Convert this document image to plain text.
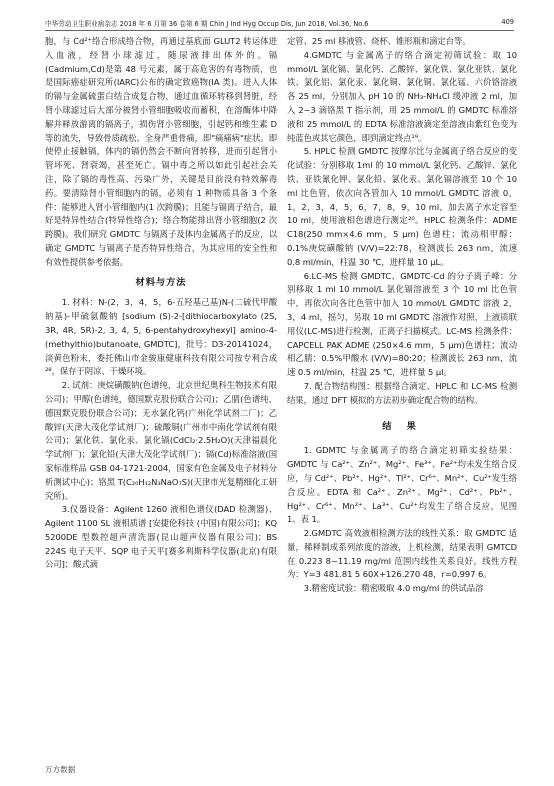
中华劳动卫生职业病杂志 2018 年 6 月第 36 卷第 6 期 Chin J Ind Hyg Occup Dis, Jun 2018, Vol.36, No.6	409

胞，与 Cd²⁺络合形成络合物，再通过基底面 GLUT2 转运体进入血液，经肾小球滤过，随尿液排出体外的。镉(Cadmium,Cd)是第 48 号元素，属于高危害的有毒物质，也是国际癌症研究所(IARC)公布的确定致癌物(IA 类)。进入人体的镉与金属硫蛋白结合成复合物，通过血循环转移到肾脏，经肾小球滤过后大部分被肾小管细胞吸收而蓄积，在溶酶体中降解并释放游离的镉离子，损伤肾小管细胞，引起钙和维生素 D 等的流失，导致骨质疏松、全身严重骨痛，即"痛痛病"症状。即使停止接触镉，体内的镉仍然会不断向肾转移，进而引起肾小管坏死、肾衰竭，甚至死亡。镉中毒之所以如此引起社会关注，除了镉的毒性高、污染广外，关键是目前没有特效解毒药。要清除肾小管细胞内的镉，必须有 1 种物质具备 3 个条件：能够进入肾小管细胞内(1 次跨膜)；且能与镉离子结合，最好是特异性结合(特异性络合)；络合物能排出肾小管细胞(2 次跨膜)。我们研究 GMDTC 与镉离子及体内金属离子的反应，以确定 GMDTC 与镉离子是否特异性络合，为其应用的安全性和有效性提供参考依据。

材料与方法

1. 材料：N-(2，3，4，5，6-五羟基己基)N-(二硫代甲酸钠基)-甲硫氨酸钠 [sodium (S)-2-[dithiocarboxylato (2S, 3R, 4R, 5R)-2, 3, 4, 5, 6-pentahydroxyhexyl] amino-4-(methylthio)butanoate, GMDTC]，批号：D3-20141024，淡黄色粉末，委托佛山市金骏康健康科技有限公司按专利合成²⁸，保存于阴凉、干燥环境。

2. 试剂：庚烷磺酸钠(色谱纯，北京世纪奥科生物技术有限公司)；甲醇(色谱纯，德国默克股份联合公司)；乙腈(色谱纯，德国默克股份联合公司)；无水氯化钙(广州化学试剂二厂)；乙酸锌(天津大茂化学试剂厂)；硫酸铜(广州市中南化学试剂有限公司)；氯化铁、氯化汞、氯化镉(CdCl₂·2.5H₂O)(天津福晨化学试剂厂)；氯化铅(天津大茂化学试剂厂)；镉(Cd)标准溶液(国家标准样品 GSB 04-1721-2004，国家有色金属及电子材料分析测试中心)；铬黑 T(C₂₀H₁₂N₃NaO₇S)(天津市光复精细化工研究所)。

3.仪器设备：Agilent 1260 液相色谱仪(DAD 检测器)、Agilent 1100 SL 液相质谱 [安捷伦科技 (中国)有限公司]；KQ 5200DE 型数控超声清洗器(昆山超声仪器有限公司)；BS 224S 电子天平、SQP 电子天平[赛多利斯科学仪器(北京)有限公司]；酸式滴

定管、25 ml 移液管、烧杯、锥形瓶和滴定台等。

4.GMDTC 与金属离子的络合滴定初筛试验：取 10 mmol/L 氯化镉、氯化钙、乙酸锌、氯化铁、氯化亚铁、氯化铁、氯化铝、氯化汞、氯化铜、氯化铜、氯化锰、六价铬溶液各 25 ml，分别加入 pH 10 的 NH₃-NH₄Cl 缓冲液 2 ml，加入 2~3 滴铬黑 T 指示剂，用 25 mmol/L 的 GMDTC 标准溶液和 25 mmol/L 的 EDTA 标准溶液滴定至溶液由紫红色变为纯蓝色或其它颜色，即到滴定终点¹⁹。

5. HPLC 检测 GMDTC 按摩尔比与金属离子络合反应的变化试验：分别移取 1ml 的 10 mmol/L 氯化钙、乙酸锌、氯化铁、亚铁氰化钾、氯化铅、氯化汞、氯化镉溶液至 10 个 10 ml 比色管，依次向各管加入 10 mmol/L GMDTC 溶液 0，1，2，3，4，5，6，7，8，9，10 ml，加去离子水定容至 10 ml，使用液相色谱进行测定²⁰。HPLC 检测条件：ADME C18(250 mm×4.6 mm，5 μm) 色谱柱；流动相甲醇：0.1%庚烷磺酸钠 (V/V)=22:78，检测波长 263 nm，流速 0.8 ml/min，柱温 30 ℃，进样量 10 μL。

6.LC-MS 检测 GMDTC、GMDTC-Cd 的分子离子峰：分别移取 1 ml 10 mmol/L 氯化镉溶液至 3 个 10 ml 比色管中，再依次向各比色管中加入 10 mmol/L GMDTC 溶液 2，3，4 ml，摇匀，另取 10 ml GMDTC 溶液作对照，上液质联用仪(LC-MS)进行检测，正离子扫描模式。LC-MS 检测条件：CAPCELL PAK ADME (250×4.6 mm，5 μm)色谱柱；流动相乙腈：0.5%甲酸水 (V/V)=80:20；检测波长 263 nm，流速 0.5 ml/min，柱温 25 ℃，进样量 5 μl。

7. 配合物结构图：根据络合滴定、HPLC 和 LC-MS 检测结果，通过 DFT 模拟的方法初步确定配合物的结构。

结 果

1. GDMTC 与金属离子的络合滴定初筛实验结果：GMDTC 与 Ca²⁺、Zn²⁺、Mg²⁺、Fe³⁺、Fe²⁺均未发生络合反应，与 Cd²⁺、Pb²⁺、Hg²⁺、Tl²⁺、Cr⁶⁺、Mn²⁺、Cu²⁺发生络合反应。EDTA 和 Ca²⁺、Zn²⁺、Mg²⁺、Cd²⁺、Pb²⁺、Hg²⁺、Cr⁶⁺、Mn²⁺、La³⁺、Cu²⁺均发生了络合反应，见图 1、表 1。

2.GMDTC 高效液相检测方法的线性关系：取 GMDTC 适量，稀释制成系列浓度的溶液，上机检测，结果表明 GMTCD 在 0.223 8~11.19 mg/ml 范围内线性关系良好，线性方程为：Y=3 481.81 5 60X+126.270 48，r=0.997 6。

3.精密度试验：精密吸取 4.0 mg/ml 的供试品溶

万方数据
